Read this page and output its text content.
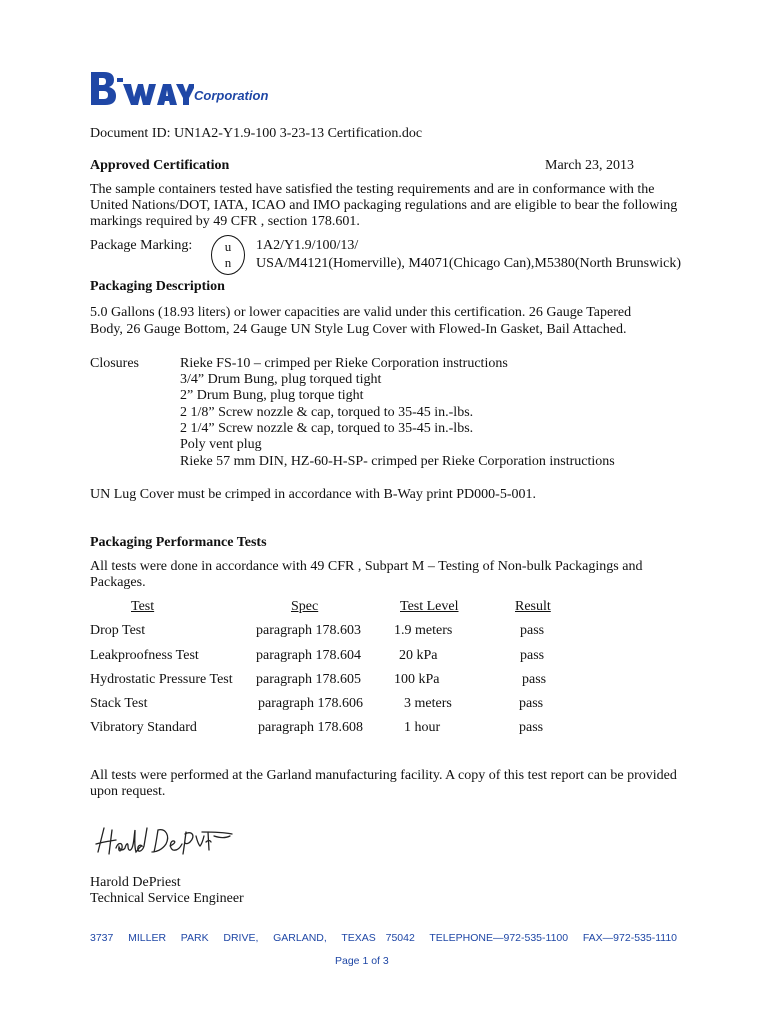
Corporation
Document ID: UN1A2-Y1.9-100 3-23-13 Certification.doc
Approved Certification	March 23, 2013
The sample containers tested have satisfied the testing requirements and are in conformance with the
United Nations/DOT, IATA, ICAO and IMO packaging regulations and are eligible to bear the following
markings required by 49 CFR , section 178.601.
Package Marking:	u
n
1A2/Y1.9/100/13/
USA/M4121(Homerville), M4071(Chicago Can),M5380(North Brunswick)
Packaging Description
5.0 Gallons (18.93 liters) or lower capacities are valid under this certification. 26 Gauge Tapered
Body, 26 Gauge Bottom, 24 Gauge UN Style Lug Cover with Flowed-In Gasket, Bail Attached.
Closures	Rieke FS-10 – crimped per Rieke Corporation instructions
3/4” Drum Bung, plug torqued tight
2” Drum Bung, plug torque tight
2 1/8” Screw nozzle & cap, torqued to 35-45 in.-lbs.
2 1/4” Screw nozzle & cap, torqued to 35-45 in.-lbs.
Poly vent plug
Rieke 57 mm DIN, HZ-60-H-SP- crimped per Rieke Corporation instructions
UN Lug Cover must be crimped in accordance with B-Way print PD000-5-001.
Packaging Performance Tests
All tests were done in accordance with 49 CFR , Subpart M – Testing of Non-bulk Packagings and
Packages.
Test	Spec	Test Level	Result
Drop Test	paragraph 178.603 1.9 meters	pass
Leakproofness Test	paragraph 178.604	20 kPa	pass
Hydrostatic Pressure Test paragraph 178.605 100 kPa	pass
Stack Test	paragraph 178.606	3 meters	pass
Vibratory Standard	paragraph 178.608	1 hour	pass
All tests were performed at the Garland manufacturing facility. A copy of this test report can be provided
upon request.
Harold DePriest
Technical Service Engineer
3737   MILLER   PARK   DRIVE,   GARLAND,   TEXAS  75042   TELEPHONE—972-535-1100   FAX—972-535-1110
Page 1 of 3
